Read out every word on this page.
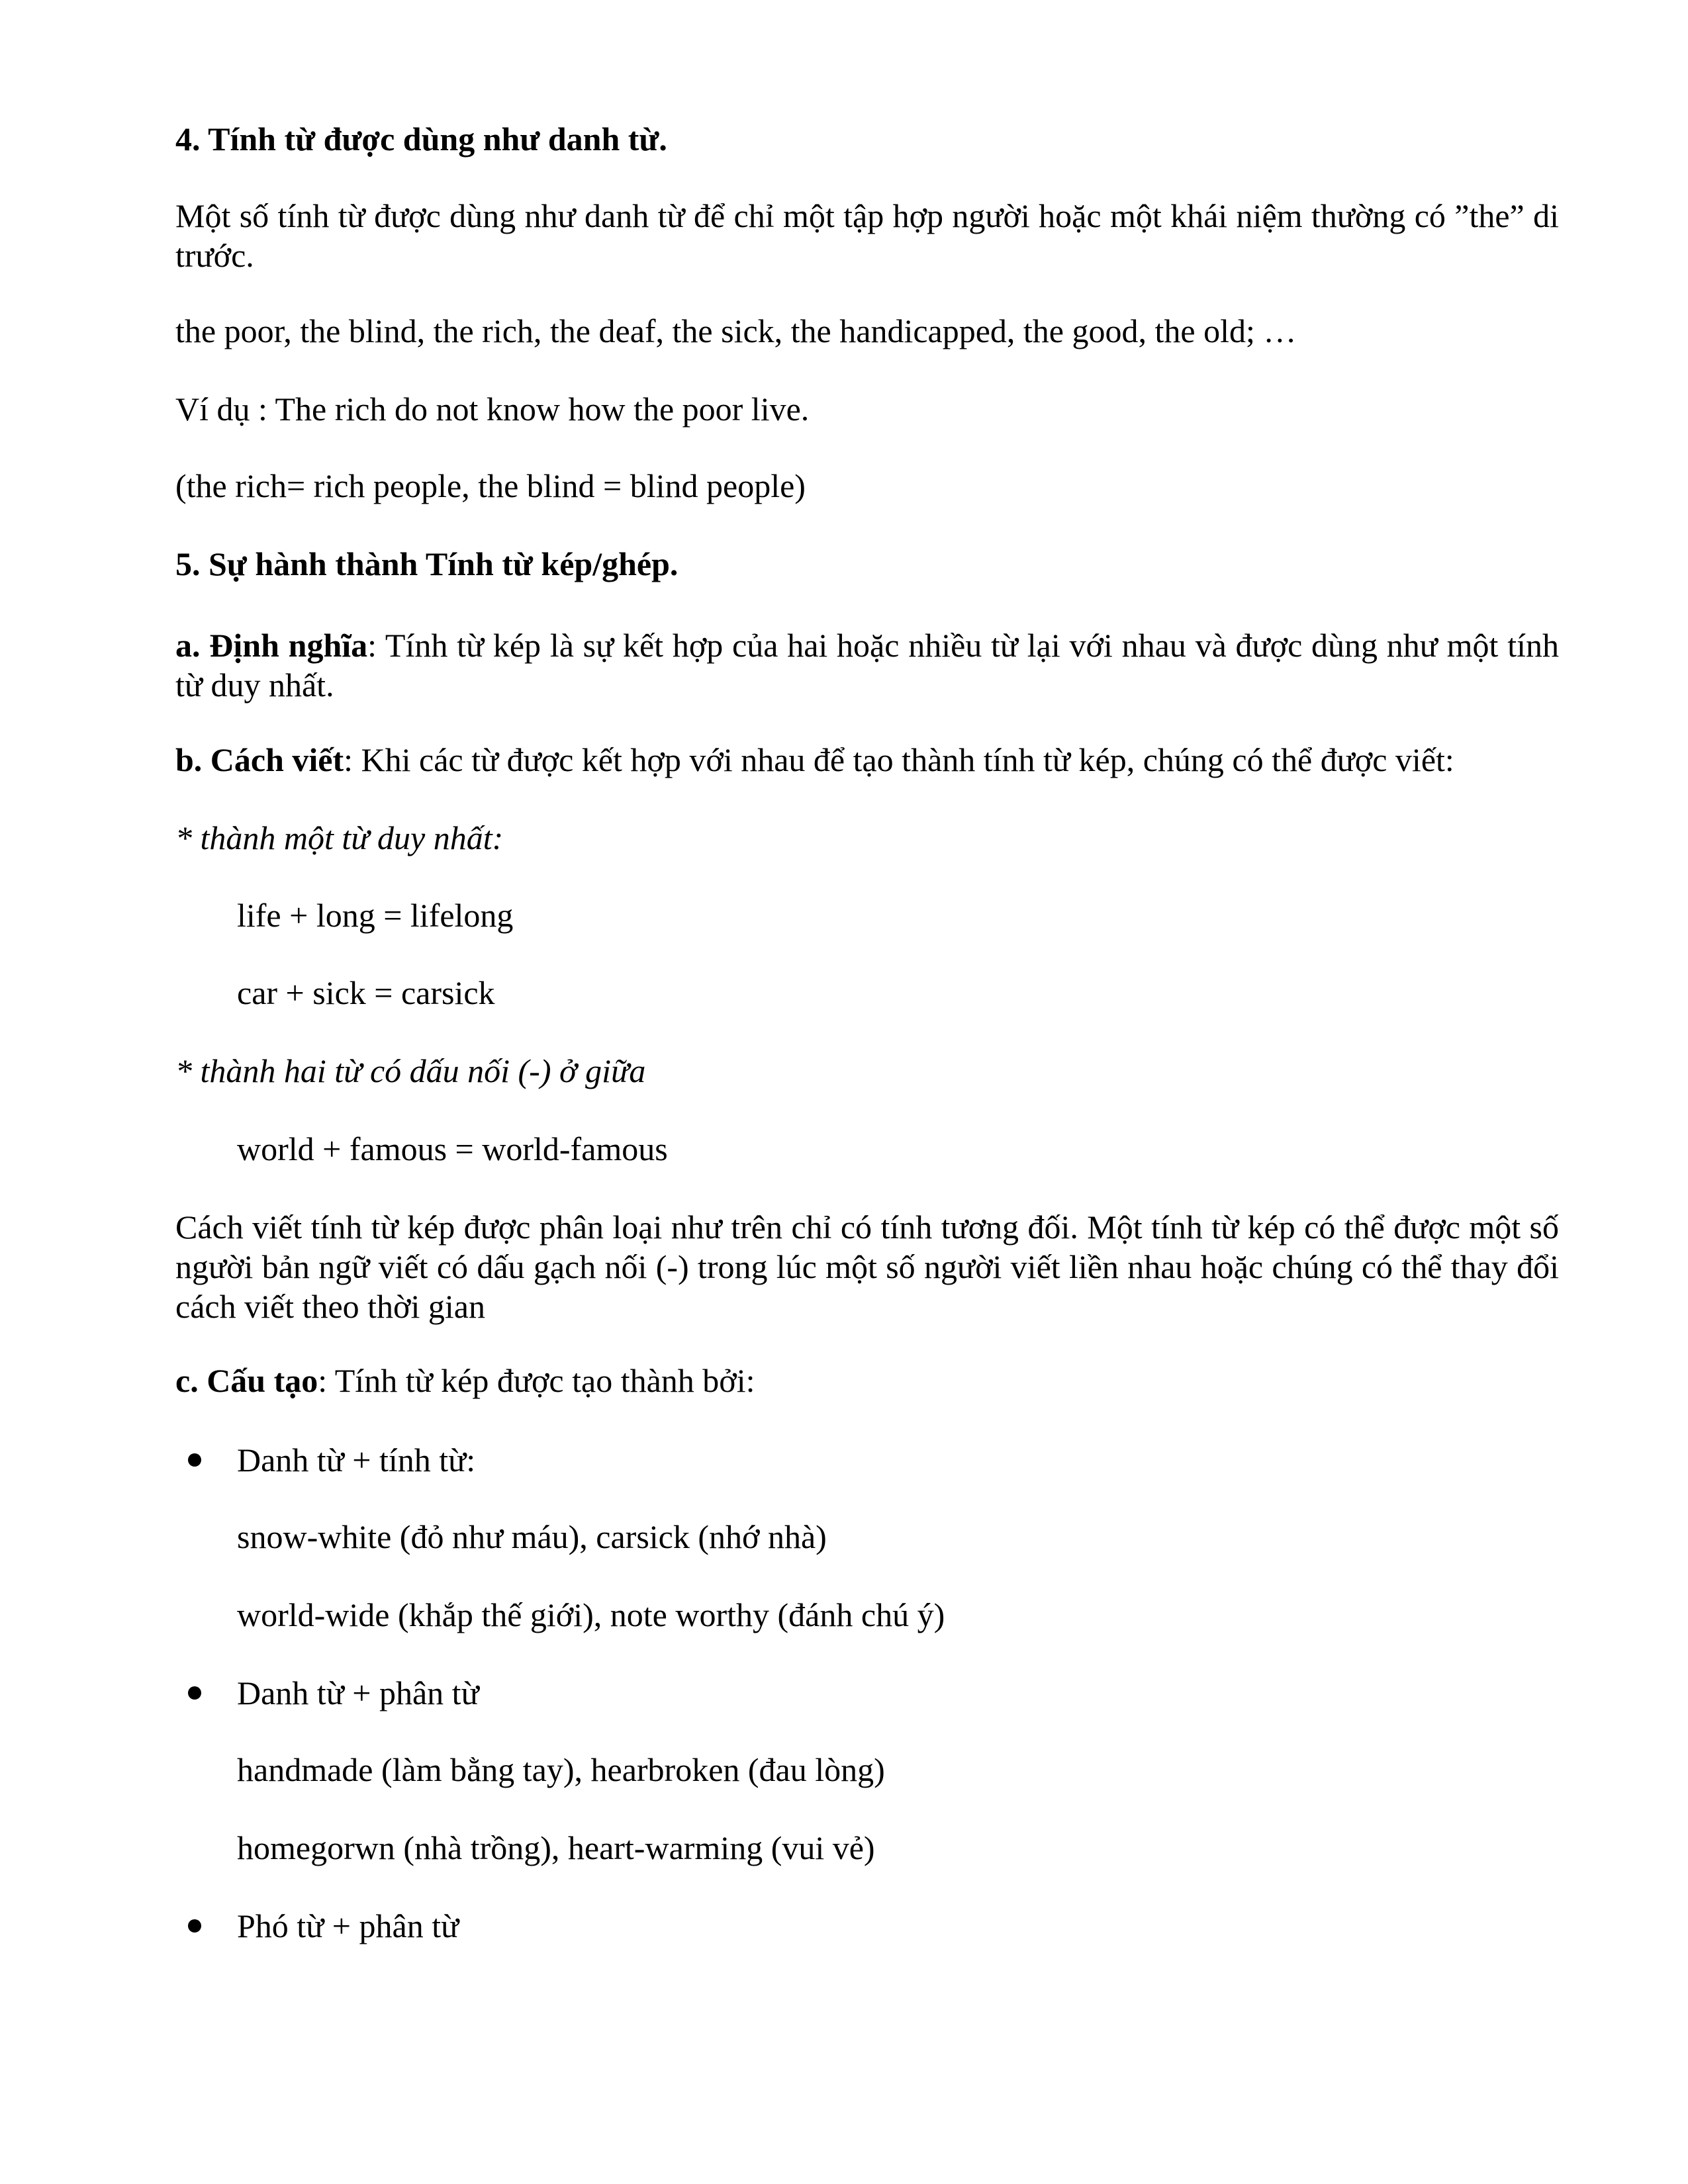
4. Tính từ được dùng như danh từ.
Một số tính từ được dùng như danh từ để chỉ một tập hợp người hoặc một khái niệm thường có ”the” di trước.
the poor, the blind, the rich, the deaf, the sick, the handicapped, the good, the old; …
Ví dụ : The rich do not know how the poor live.
(the rich= rich people, the blind = blind people)
5. Sự hành thành Tính từ kép/ghép.
a. Định nghĩa: Tính từ kép là sự kết hợp của hai hoặc nhiều từ lại với nhau và được dùng như một tính từ duy nhất.
b. Cách viết: Khi các từ được kết hợp với nhau để tạo thành tính từ kép, chúng có thể được viết:
* thành một từ duy nhất:
life + long = lifelong
car + sick = carsick
* thành hai từ có dấu nối (-) ở giữa
world + famous = world-famous
Cách viết tính từ kép được phân loại như trên chỉ có tính tương đối. Một tính từ kép có thể được một số người bản ngữ viết có dấu gạch nối (-) trong lúc một số người viết liền nhau hoặc chúng có thể thay đổi cách viết theo thời gian
c. Cấu tạo: Tính từ kép được tạo thành bởi:
Danh từ + tính từ:
snow-white (đỏ như máu), carsick (nhớ nhà)
world-wide (khắp thế giới), note worthy (đánh chú ý)
Danh từ + phân từ
handmade (làm bằng tay), hearbroken (đau lòng)
homegorwn (nhà trồng), heart-warming (vui vẻ)
Phó từ + phân từ
